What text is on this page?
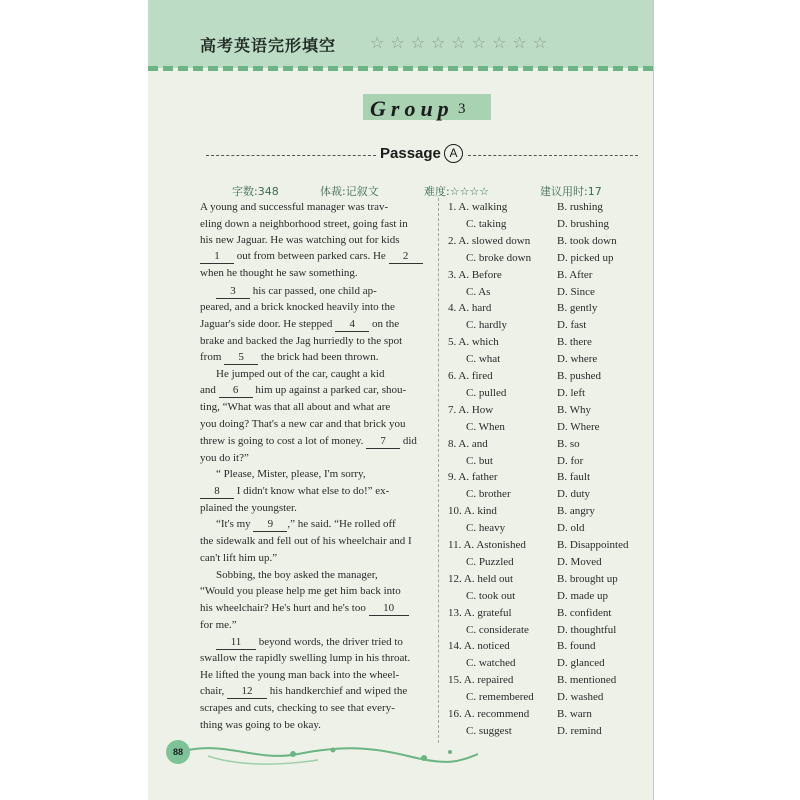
高考英语完形填空 ☆☆☆☆☆☆☆☆☆
Group 3
Passage A
字数:348	体裁:记叙文	难度:☆☆☆☆	建议用时:17
A young and successful manager was trav-
eling down a neighborhood street, going fast in
his new Jaguar. He was watching out for kids
1 out from between parked cars. He 2
when he thought he saw something.
3 his car passed, one child ap-
peared, and a brick knocked heavily into the
Jaguar's side door. He stepped 4 on the
brake and backed the Jag hurriedly to the spot
from 5 the brick had been thrown.
He jumped out of the car, caught a kid
and 6 him up against a parked car, shou-
ting, “What was that all about and what are
you doing? That's a new car and that brick you
threw is going to cost a lot of money. 7 did
you do it?”
“ Please, Mister, please, I'm sorry,
8 I didn't know what else to do!” ex-
plained the youngster.
“It's my 9 ,” he said. “He rolled off
the sidewalk and fell out of his wheelchair and I
can't lift him up.”
Sobbing, the boy asked the manager,
“Would you please help me get him back into
his wheelchair? He's hurt and he's too 10
for me.”
11 beyond words, the driver tried to
swallow the rapidly swelling lump in his throat.
He lifted the young man back into the wheel-
chair, 12 his handkerchief and wiped the
scrapes and cuts, checking to see that every-
thing was going to be okay.
1. A. walking	B. rushing
C. taking	D. brushing
2. A. slowed down B. took down
C. broke down D. picked up
3. A. Before	B. After
C. As	D. Since
4. A. hard	B. gently
C. hardly	D. fast
5. A. which	B. there
C. what	D. where
6. A. fired	B. pushed
C. pulled	D. left
7. A. How	B. Why
C. When	D. Where
8. A. and	B. so
C. but	D. for
9. A. father	B. fault
C. brother	D. duty
10. A. kind	B. angry
C. heavy	D. old
11. A. Astonished	B. Disappointed
C. Puzzled	D. Moved
12. A. held out	B. brought up
C. took out	D. made up
13. A. grateful	B. confident
C. considerate	D. thoughtful
14. A. noticed	B. found
C. watched	D. glanced
15. A. repaired	B. mentioned
C. remembered D. washed
16. A. recommend	B. warn
C. suggest	D. remind
88
